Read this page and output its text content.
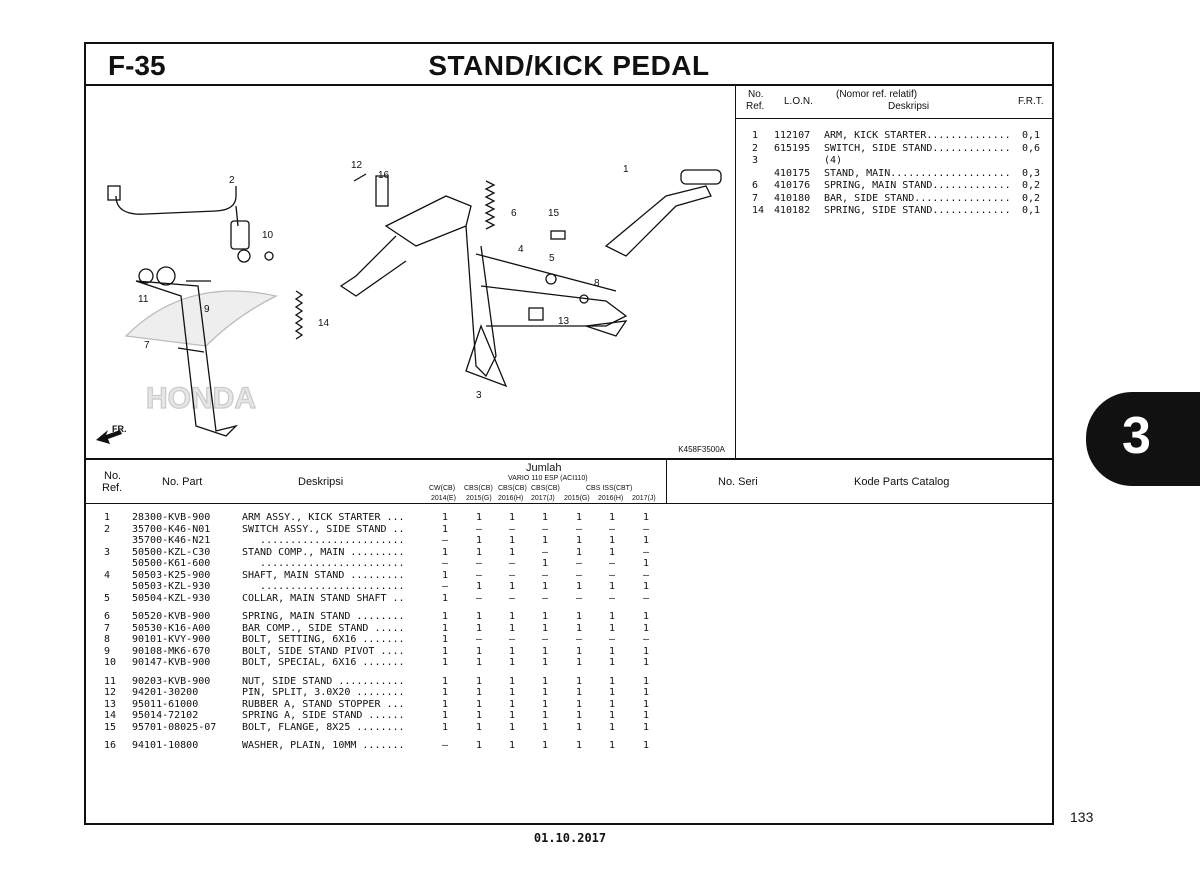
F-35	STAND/KICK PEDAL
HONDA
12
16
2
10
11
9
7
14
6	15
4
5
8
13
1
3
FR.
K458F3500A
No.
Ref. L.O.N.
(Nomor ref. relatif)
Deskripsi	F.R.T.
1 112107 ARM, KICK STARTER.............. 0,1
2 615195 SWITCH, SIDE STAND............. 0,6
3	(4)
410175 STAND, MAIN.................... 0,3
6 410176 SPRING, MAIN STAND............. 0,2
7 410180 BAR, SIDE STAND................ 0,2
14 410182 SPRING, SIDE STAND............. 0,1
No.
Ref.	No. Part	Deskripsi
Jumlah
VARIO 110 ESP (ACI110)
CW(CB) CBS(CB) CBS(CB) CBS(CB)	CBS ISS(CBT)
2014(E) 2015(G) 2016(H) 2017(J) 2015(G) 2016(H) 2017(J)
No. Seri	Kode Parts Catalog
1 28300-KVB-900	ARM ASSY., KICK STARTER ...	1	1	1	1	1	1	1
2 35700-K46-N01	SWITCH ASSY., SIDE STAND ..	1	–	–	–	–	–	–
35700-K46-N21	........................	–	1	1	1	1	1	1
3 50500-KZL-C30	STAND COMP., MAIN .........	1	1	1	–	1	1	–
50500-K61-600	........................	–	–	–	1	–	–	1
4 50503-K25-900	SHAFT, MAIN STAND .........	1	–	–	–	–	–	–
50503-KZL-930	........................	–	1	1	1	1	1	1
5 50504-KZL-930	COLLAR, MAIN STAND SHAFT ..	1	–	–	–	–	–	–
6 50520-KVB-900	SPRING, MAIN STAND ........	1	1	1	1	1	1	1
7 50530-K16-A00	BAR COMP., SIDE STAND .....	1	1	1	1	1	1	1
8 90101-KVY-900	BOLT, SETTING, 6X16 .......	1	–	–	–	–	–	–
9 90108-MK6-670	BOLT, SIDE STAND PIVOT ....	1	1	1	1	1	1	1
10 90147-KVB-900	BOLT, SPECIAL, 6X16 .......	1	1	1	1	1	1	1
11 90203-KVB-900	NUT, SIDE STAND ...........	1	1	1	1	1	1	1
12 94201-30200	PIN, SPLIT, 3.0X20 ........	1	1	1	1	1	1	1
13 95011-61000	RUBBER A, STAND STOPPER ...	1	1	1	1	1	1	1
14 95014-72102	SPRING A, SIDE STAND ......	1	1	1	1	1	1	1
15 95701-08025-07	BOLT, FLANGE, 8X25 ........	1	1	1	1	1	1	1
16 94101-10800	WASHER, PLAIN, 10MM .......	–	1	1	1	1	1	1
3
133
01.10.2017
